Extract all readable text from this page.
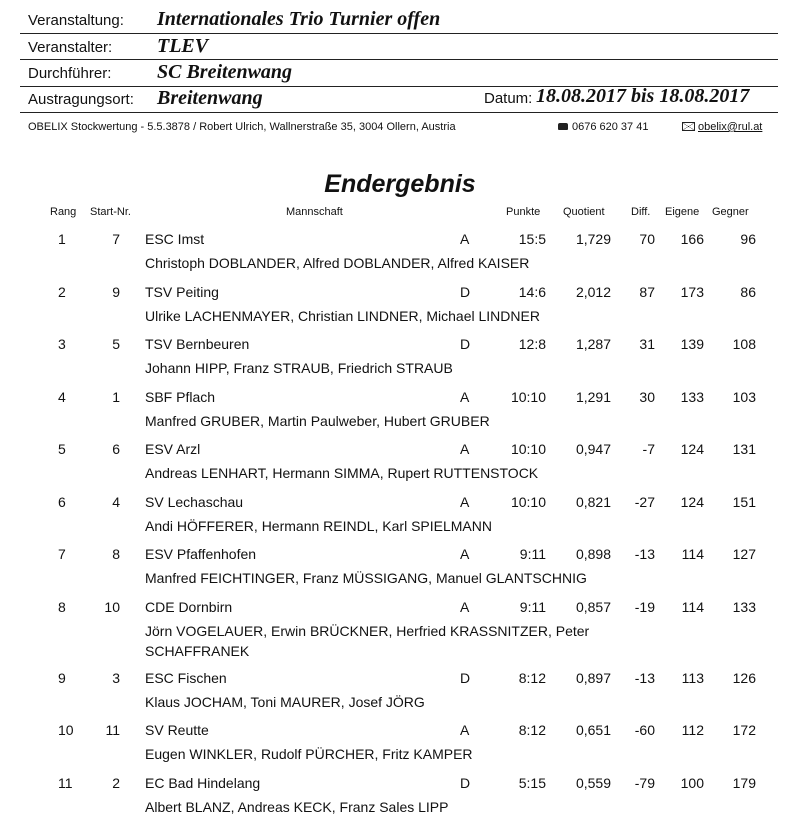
Veranstaltung: Internationales Trio Turnier offen
Veranstalter: TLEV
Durchführer: SC Breitenwang
Austragungsort: Breitenwang	Datum: 18.08.2017 bis 18.08.2017
OBELIX Stockwertung - 5.5.3878 / Robert Ulrich, Wallnerstraße 35, 3004 Ollern, Austria	0676 620 37 41	obelix@rul.at
Endergebnis
Rang Start-Nr.	Mannschaft	Punkte Quotient Diff. Eigene Gegner
1	7 ESC Imst	A	15:5 1,729 70 166	96
Christoph DOBLANDER, Alfred DOBLANDER, Alfred KAISER
2	9 TSV Peiting	D	14:6 2,012 87 173	86
Ulrike LACHENMAYER, Christian LINDNER, Michael LINDNER
3	5 TSV Bernbeuren	D	12:8 1,287 31 139 108
Johann HIPP, Franz STRAUB, Friedrich STRAUB
4	1 SBF Pflach	A	10:10 1,291 30 133 103
Manfred GRUBER, Martin Paulweber, Hubert GRUBER
5	6 ESV Arzl	A	10:10 0,947 -7 124 131
Andreas LENHART, Hermann SIMMA, Rupert RUTTENSTOCK
6	4 SV Lechaschau	A	10:10 0,821 -27 124 151
Andi HÖFFERER, Hermann REINDL, Karl SPIELMANN
7	8 ESV Pfaffenhofen	A	9:11 0,898 -13 114 127
Manfred FEICHTINGER, Franz MÜSSIGANG, Manuel GLANTSCHNIG
8	10 CDE Dornbirn	A	9:11 0,857 -19 114 133
Jörn VOGELAUER, Erwin BRÜCKNER, Herfried KRASSNITZER, Peter SCHAFFRANEK
9	3 ESC Fischen	D	8:12 0,897 -13 113 126
Klaus JOCHAM, Toni MAURER, Josef JÖRG
10 11 SV Reutte	A	8:12 0,651 -60 112 172
Eugen WINKLER, Rudolf PÜRCHER, Fritz KAMPER
11	2 EC Bad Hindelang	D	5:15 0,559 -79 100 179
Albert BLANZ, Andreas KECK, Franz Sales LIPP
